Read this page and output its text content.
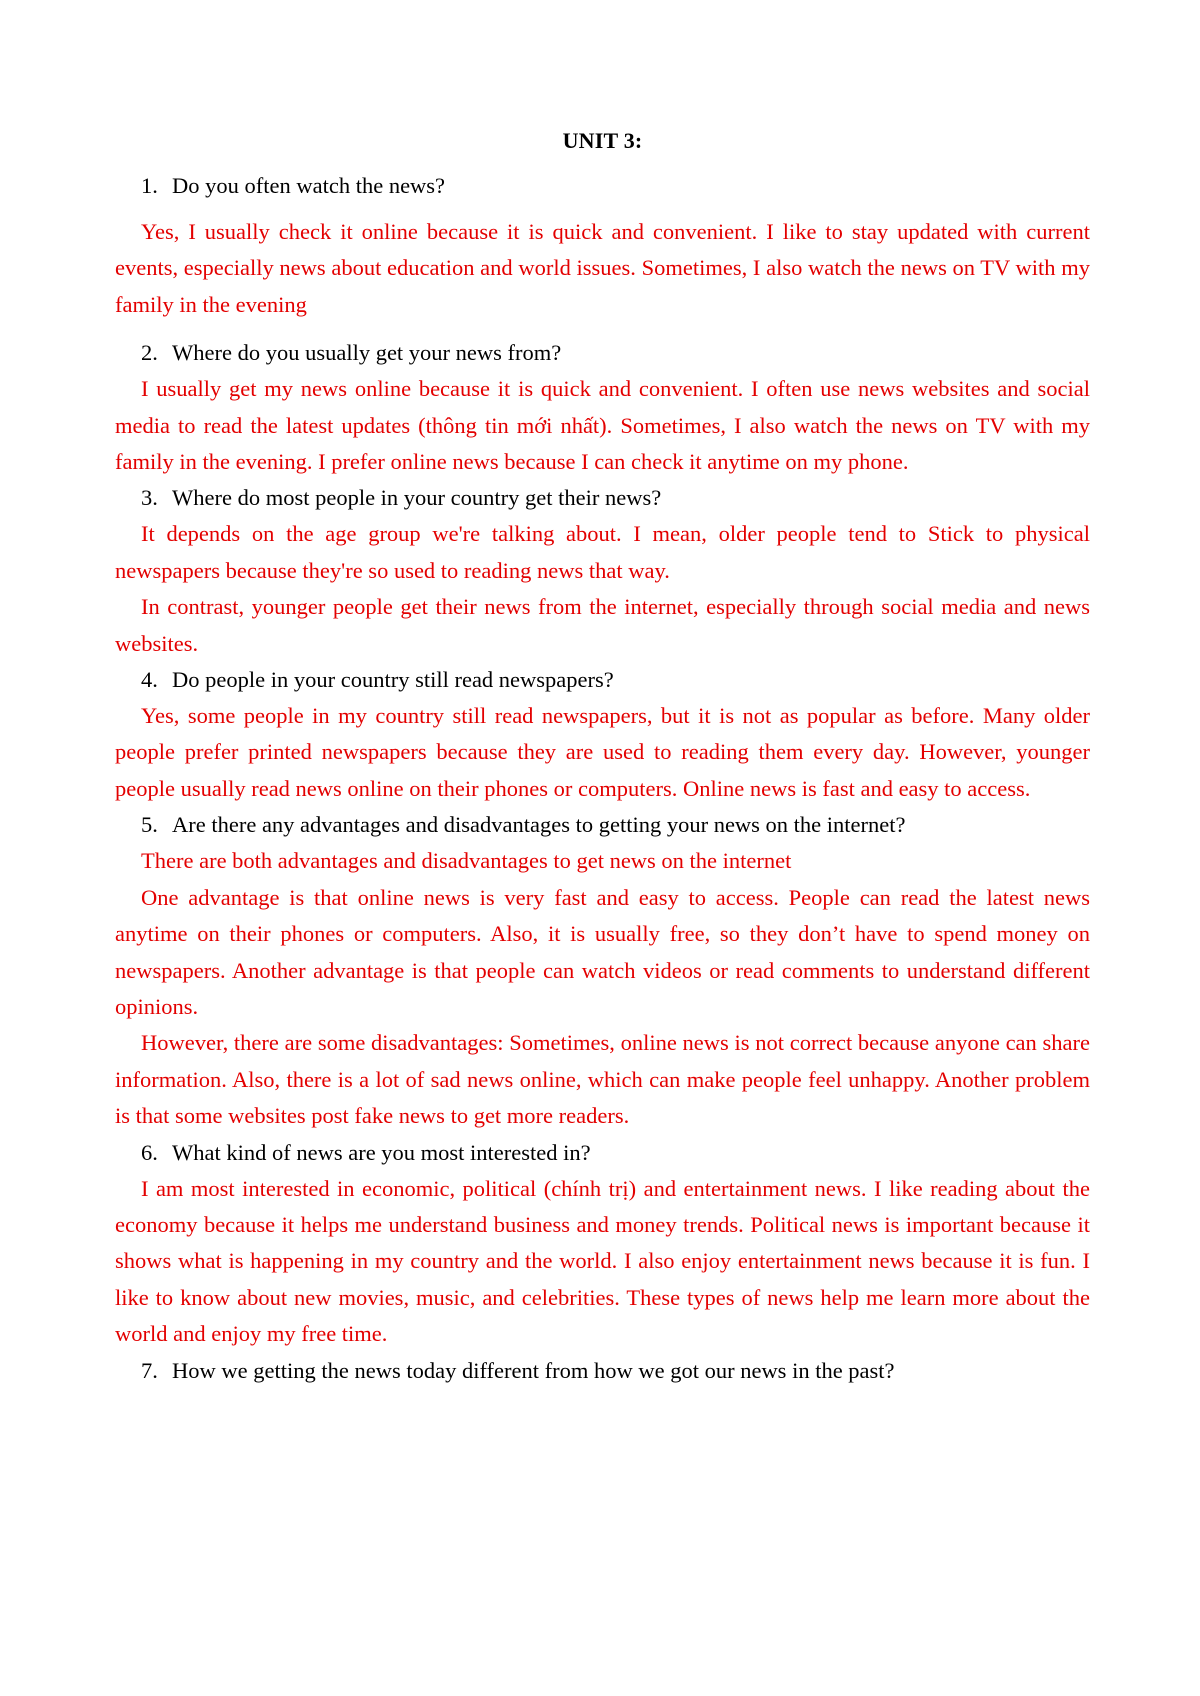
UNIT 3:
1. Do you often watch the news?

Yes, I usually check it online because it is quick and convenient. I like to stay updated with current events, especially news about education and world issues. Sometimes, I also watch the news on TV with my family in the evening

2. Where do you usually get your news from?

I usually get my news online because it is quick and convenient. I often use news websites and social media to read the latest updates (thông tin mới nhất). Sometimes, I also watch the news on TV with my family in the evening. I prefer online news because I can check it anytime on my phone.

3. Where do most people in your country get their news?

It depends on the age group we're talking about. I mean, older people tend to Stick to physical newspapers because they're so used to reading news that way.

In contrast, younger people get their news from the internet, especially through social media and news websites.

4. Do people in your country still read newspapers?

Yes, some people in my country still read newspapers, but it is not as popular as before. Many older people prefer printed newspapers because they are used to reading them every day. However, younger people usually read news online on their phones or computers. Online news is fast and easy to access.

5. Are there any advantages and disadvantages to getting your news on the internet?

There are both advantages and disadvantages to get news on the internet

One advantage is that online news is very fast and easy to access. People can read the latest news anytime on their phones or computers. Also, it is usually free, so they don’t have to spend money on newspapers. Another advantage is that people can watch videos or read comments to understand different opinions.

However, there are some disadvantages: Sometimes, online news is not correct because anyone can share information. Also, there is a lot of sad news online, which can make people feel unhappy. Another problem is that some websites post fake news to get more readers.

6. What kind of news are you most interested in?

I am most interested in economic, political (chính trị) and entertainment news. I like reading about the economy because it helps me understand business and money trends. Political news is important because it shows what is happening in my country and the world. I also enjoy entertainment news because it is fun. I like to know about new movies, music, and celebrities. These types of news help me learn more about the world and enjoy my free time.

7. How we getting the news today different from how we got our news in the past?
